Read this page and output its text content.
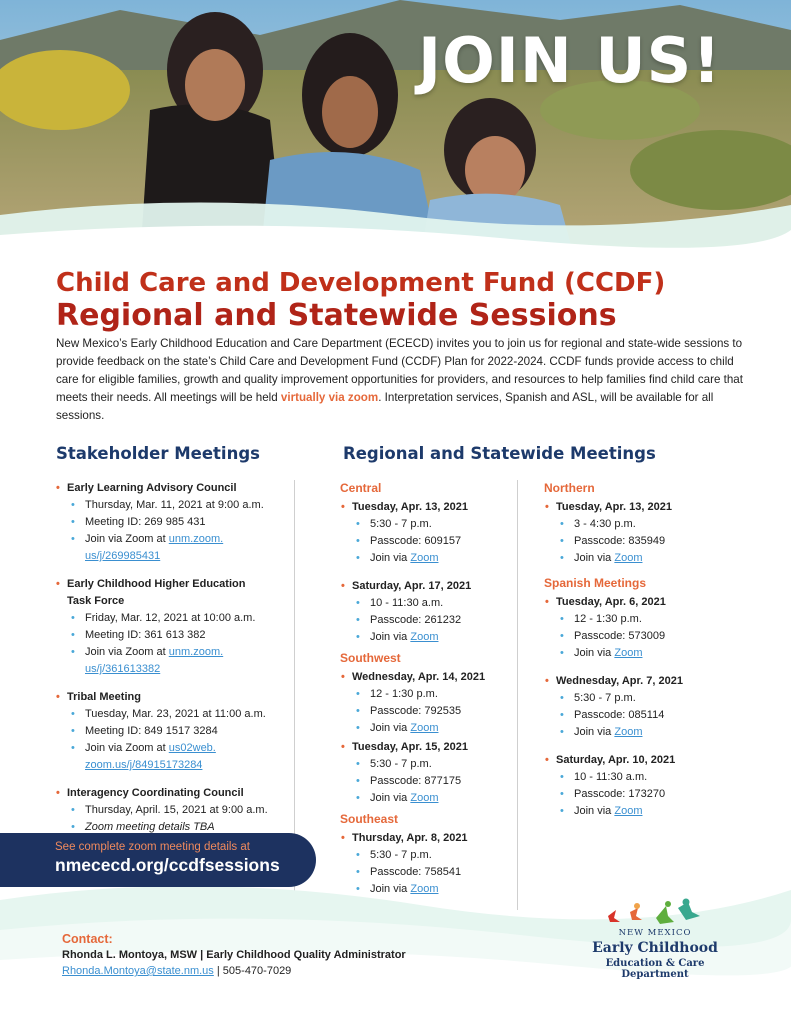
JOIN US!
Child Care and Development Fund (CCDF)
Regional and Statewide Sessions
New Mexico’s Early Childhood Education and Care Department (ECECD) invites you to join us for regional and state-wide sessions to provide feedback on the state’s Child Care and Development Fund (CCDF) Plan for 2022-2024. CCDF funds provide access to child care for eligible families, growth and quality improvement opportunities for providers, and resources to help families find child care that meets their needs. All meetings will be held virtually via zoom. Interpretation services, Spanish and ASL, will be available for all sessions.
Stakeholder Meetings	Regional and Statewide Meetings
• Early Learning Advisory Council
• Thursday, Mar. 11, 2021 at 9:00 a.m.
• Meeting ID: 269 985 431
• Join via Zoom at unm.zoom.
us/j/269985431
• Early Childhood Higher Education
Task Force
• Friday, Mar. 12, 2021 at 10:00 a.m.
• Meeting ID: 361 613 382
• Join via Zoom at unm.zoom.
us/j/361613382
• Tribal Meeting
• Tuesday, Mar. 23, 2021 at 11:00 a.m.
• Meeting ID: 849 1517 3284
• Join via Zoom at us02web.
zoom.us/j/84915173284
• Interagency Coordinating Council
• Thursday, April. 15, 2021 at 9:00 a.m.
• Zoom meeting details TBA
Central
• Tuesday, Apr. 13, 2021
• 5:30 - 7 p.m.
• Passcode: 609157
• Join via Zoom
• Saturday, Apr. 17, 2021
• 10 - 11:30 a.m.
• Passcode: 261232
• Join via Zoom
Southwest
• Wednesday, Apr. 14, 2021
• 12 - 1:30 p.m.
• Passcode: 792535
• Join via Zoom
• Tuesday, Apr. 15, 2021
• 5:30 - 7 p.m.
• Passcode: 877175
• Join via Zoom
Southeast
• Thursday, Apr. 8, 2021
• 5:30 - 7 p.m.
• Passcode: 758541
• Join via Zoom
Northern
• Tuesday, Apr. 13, 2021
• 3 - 4:30 p.m.
• Passcode: 835949
• Join via Zoom
Spanish Meetings
• Tuesday, Apr. 6, 2021
• 12 - 1:30 p.m.
• Passcode: 573009
• Join via Zoom
• Wednesday, Apr. 7, 2021
• 5:30 - 7 p.m.
• Passcode: 085114
• Join via Zoom
• Saturday, Apr. 10, 2021
• 10 - 11:30 a.m.
• Passcode: 173270
• Join via Zoom
See complete zoom meeting details at
nmececd.org/ccdfsessions
Contact:
Rhonda L. Montoya, MSW | Early Childhood Quality Administrator
Rhonda.Montoya@state.nm.us | 505-470-7029
NEW MEXICO
Early Childhood
Education & Care Department
